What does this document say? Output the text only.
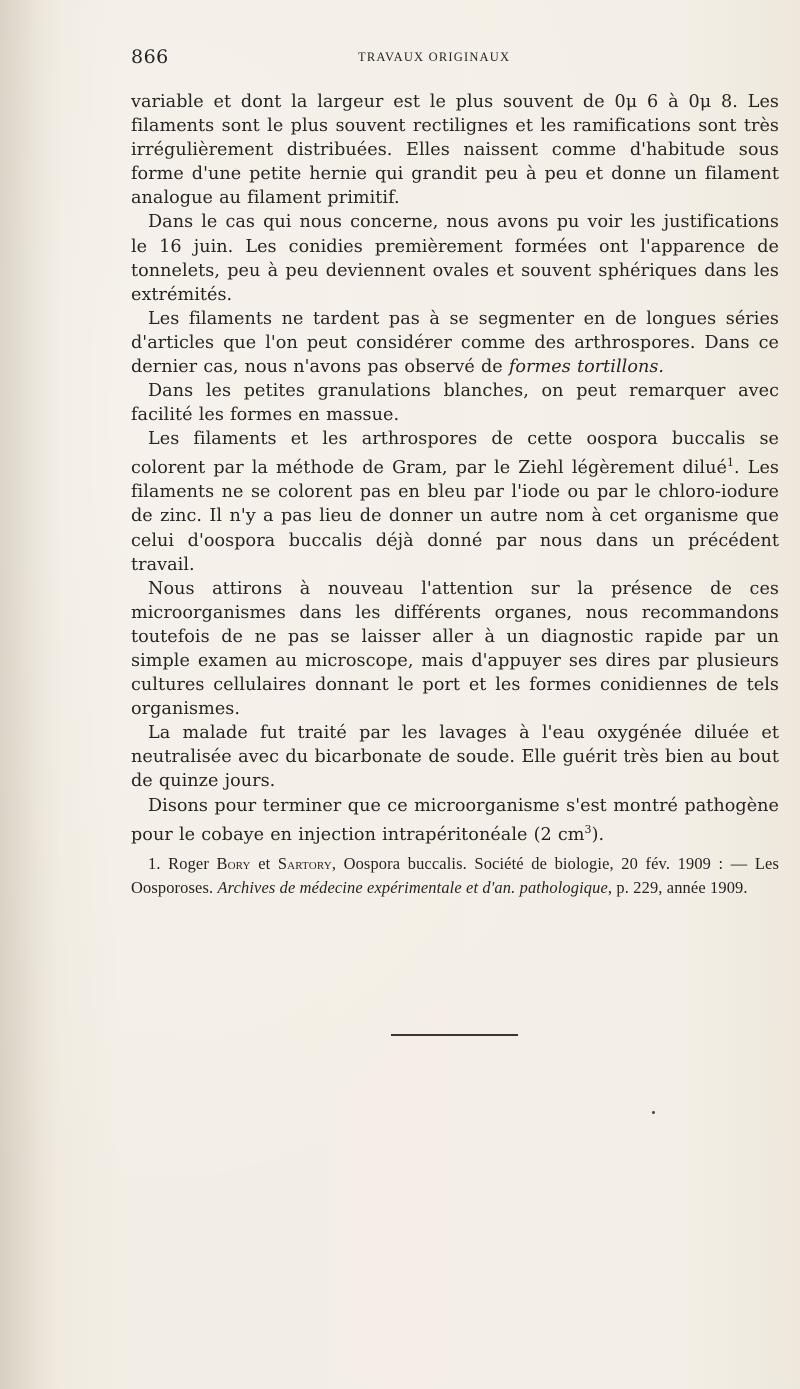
866	TRAVAUX ORIGINAUX

variable et dont la largeur est le plus souvent de 0μ 6 à 0μ 8. Les filaments sont le plus souvent rectilignes et les ramifications sont très irrégulièrement distribuées. Elles naissent comme d'habitude sous forme d'une petite hernie qui grandit peu à peu et donne un filament analogue au filament primitif.

Dans le cas qui nous concerne, nous avons pu voir les justifications le 16 juin. Les conidies premièrement formées ont l'apparence de tonnelets, peu à peu deviennent ovales et souvent sphériques dans les extrémités.

Les filaments ne tardent pas à se segmenter en de longues séries d'articles que l'on peut considérer comme des arthrospores. Dans ce dernier cas, nous n'avons pas observé de formes tortillons.

Dans les petites granulations blanches, on peut remarquer avec facilité les formes en massue.

Les filaments et les arthrospores de cette oospora buccalis se colorent par la méthode de Gram, par le Ziehl légèrement dilué$^1$. Les filaments ne se colorent pas en bleu par l'iode ou par le chloro-iodure de zinc. Il n'y a pas lieu de donner un autre nom à cet organisme que celui d'oospora buccalis déjà donné par nous dans un précédent travail.

Nous attirons à nouveau l'attention sur la présence de ces microorganismes dans les différents organes, nous recommandons toutefois de ne pas se laisser aller à un diagnostic rapide par un simple examen au microscope, mais d'appuyer ses dires par plusieurs cultures cellulaires donnant le port et les formes conidiennes de tels organismes.

La malade fut traité par les lavages à l'eau oxygénée diluée et neutralisée avec du bicarbonate de soude. Elle guérit très bien au bout de quinze jours.

Disons pour terminer que ce microorganisme s'est montré pathogène pour le cobaye en injection intrapéritonéale (2 $cm^3$).

1. Roger Bory et Sartory, Oospora buccalis. Société de biologie, 20 fév. 1909 : — Les Oosporoses. Archives de médecine expérimentale et d'an. pathologique, p. 229, année 1909.
